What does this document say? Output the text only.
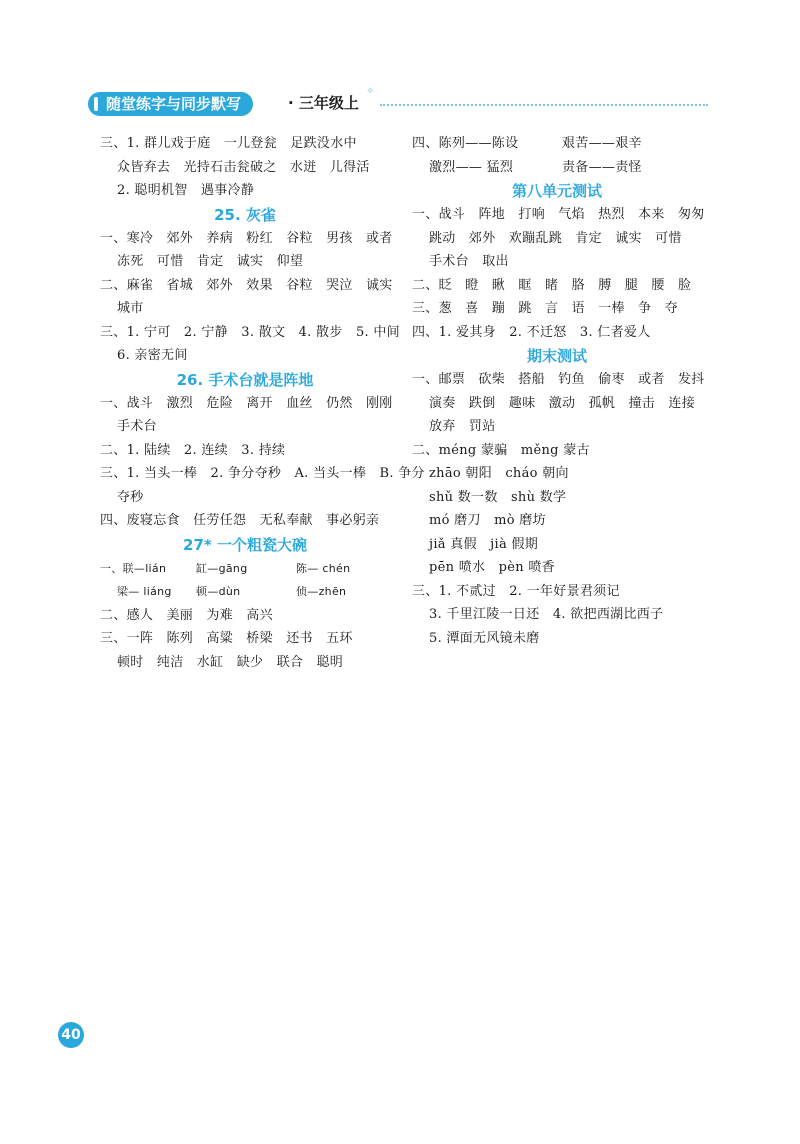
随堂练字与同步默写	· 三年级上
✧
三、1. 群儿戏于庭　一儿登瓮　足跌没水中
众皆弃去　光持石击瓮破之　水迸　儿得活
2. 聪明机智　遇事冷静
25. 灰雀
一、寒冷　郊外　养病　粉红　谷粒　男孩　或者
冻死　可惜　肯定　诚实　仰望
二、麻雀　省城　郊外　效果　谷粒　哭泣　诚实
城市
三、1. 宁可　2. 宁静　3. 散文　4. 散步　5. 中间
6. 亲密无间
26. 手术台就是阵地
一、战斗　激烈　危险　离开　血丝　仍然　刚刚
手术台
二、1. 陆续　2. 连续　3. 持续
三、1. 当头一棒　2. 争分夺秒　A. 当头一棒　B. 争分
夺秒
四、废寝忘食　任劳任怨　无私奉献　事必躬亲
27* 一个粗瓷大碗
一、联—lián	缸—gāng	陈— chén
梁— liáng 顿—dùn	侦—zhēn
二、感人　美丽　为难　高兴
三、一阵　陈列　高粱　桥梁　还书　五环
顿时　纯洁　水缸　缺少　联合　聪明
四、陈列——陈设	艰苦——艰辛
激烈—— 猛烈	责备——责怪
第八单元测试
一、战斗　阵地　打响　气焰　热烈　本来　匆匆
跳动　郊外　欢蹦乱跳　肯定　诚实　可惜
手术台　取出
二、眨　瞪　瞅　眶　睹　胳　膊　腿　腰　脸
三、葱　喜　蹦　跳　言　语　一棒　争　夺
四、1. 爱其身　2. 不迁怒　3. 仁者爱人
期末测试
一、邮票　砍柴　搭船　钓鱼　偷枣　或者　发抖
演奏　跌倒　趣味　激动　孤帆　撞击　连接
放弃　罚站
二、méng 蒙骗　měng 蒙古
zhāo 朝阳　cháo 朝向
shǔ 数一数　shù 数学
mó 磨刀　mò 磨坊
jiǎ 真假　jià 假期
pēn 喷水　pèn 喷香
三、1. 不贰过　2. 一年好景君须记
3. 千里江陵一日还　4. 欲把西湖比西子
5. 潭面无风镜未磨
40
